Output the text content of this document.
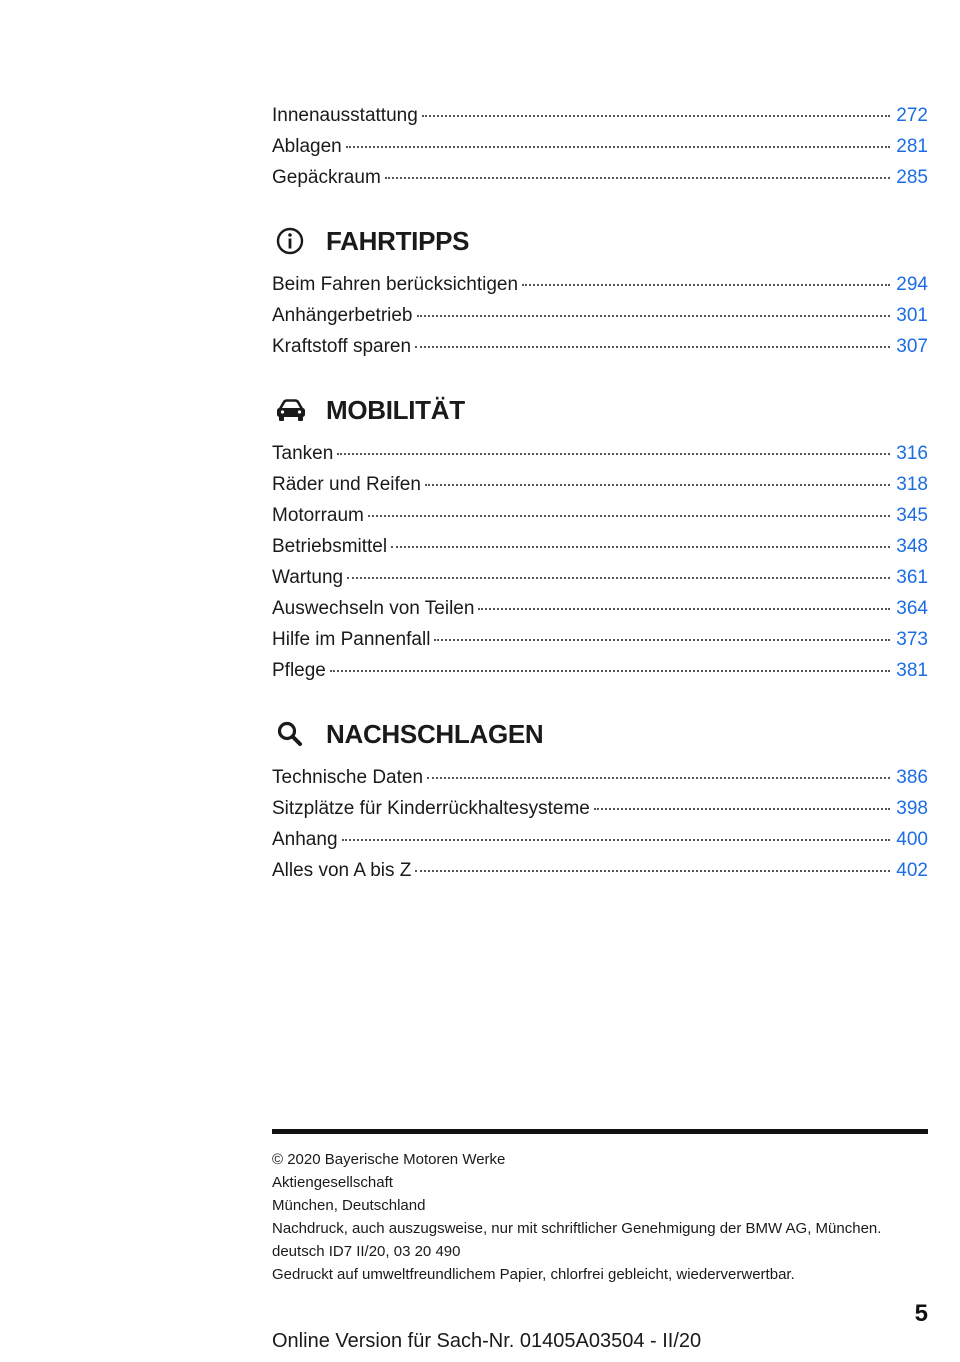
Innenausstattung	272
Ablagen	281
Gepäckraum	285
FAHRTIPPS
Beim Fahren berücksichtigen	294
Anhängerbetrieb	301
Kraftstoff sparen	307
MOBILITÄT
Tanken	316
Räder und Reifen	318
Motorraum	345
Betriebsmittel	348
Wartung	361
Auswechseln von Teilen	364
Hilfe im Pannenfall	373
Pflege	381
NACHSCHLAGEN
Technische Daten	386
Sitzplätze für Kinderrückhaltesysteme	398
Anhang	400
Alles von A bis Z	402
© 2020 Bayerische Motoren Werke
Aktiengesellschaft
München, Deutschland
Nachdruck, auch auszugsweise, nur mit schriftlicher Genehmigung der BMW AG, München.
deutsch ID7 II/20, 03 20 490
Gedruckt auf umweltfreundlichem Papier, chlorfrei gebleicht, wiederverwertbar.
5
Online Version für Sach-Nr. 01405A03504 - II/20
